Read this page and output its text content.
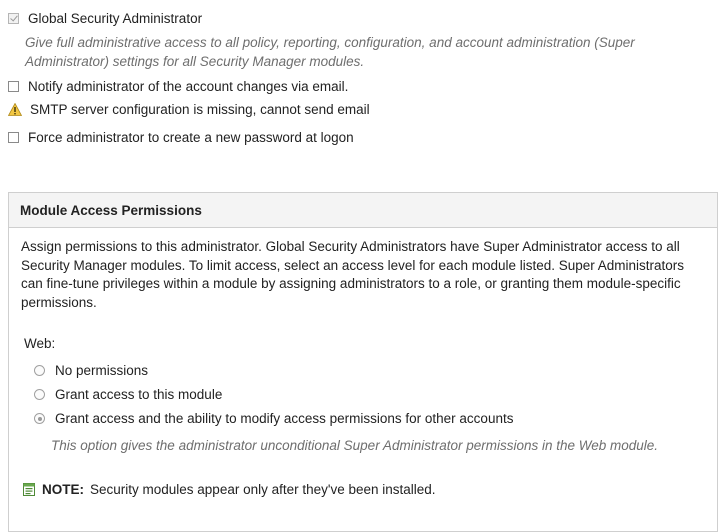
Global Security Administrator
Give full administrative access to all policy, reporting, configuration, and account administration (Super Administrator) settings for all Security Manager modules.
Notify administrator of the account changes via email.
SMTP server configuration is missing, cannot send email
Force administrator to create a new password at logon
Module Access Permissions
Assign permissions to this administrator. Global Security Administrators have Super Administrator access to all Security Manager modules. To limit access, select an access level for each module listed. Super Administrators can fine-tune privileges within a module by assigning administrators to a role, or granting them module-specific permissions.
Web:
No permissions
Grant access to this module
Grant access and the ability to modify access permissions for other accounts
This option gives the administrator unconditional Super Administrator permissions in the Web module.
NOTE: Security modules appear only after they've been installed.
